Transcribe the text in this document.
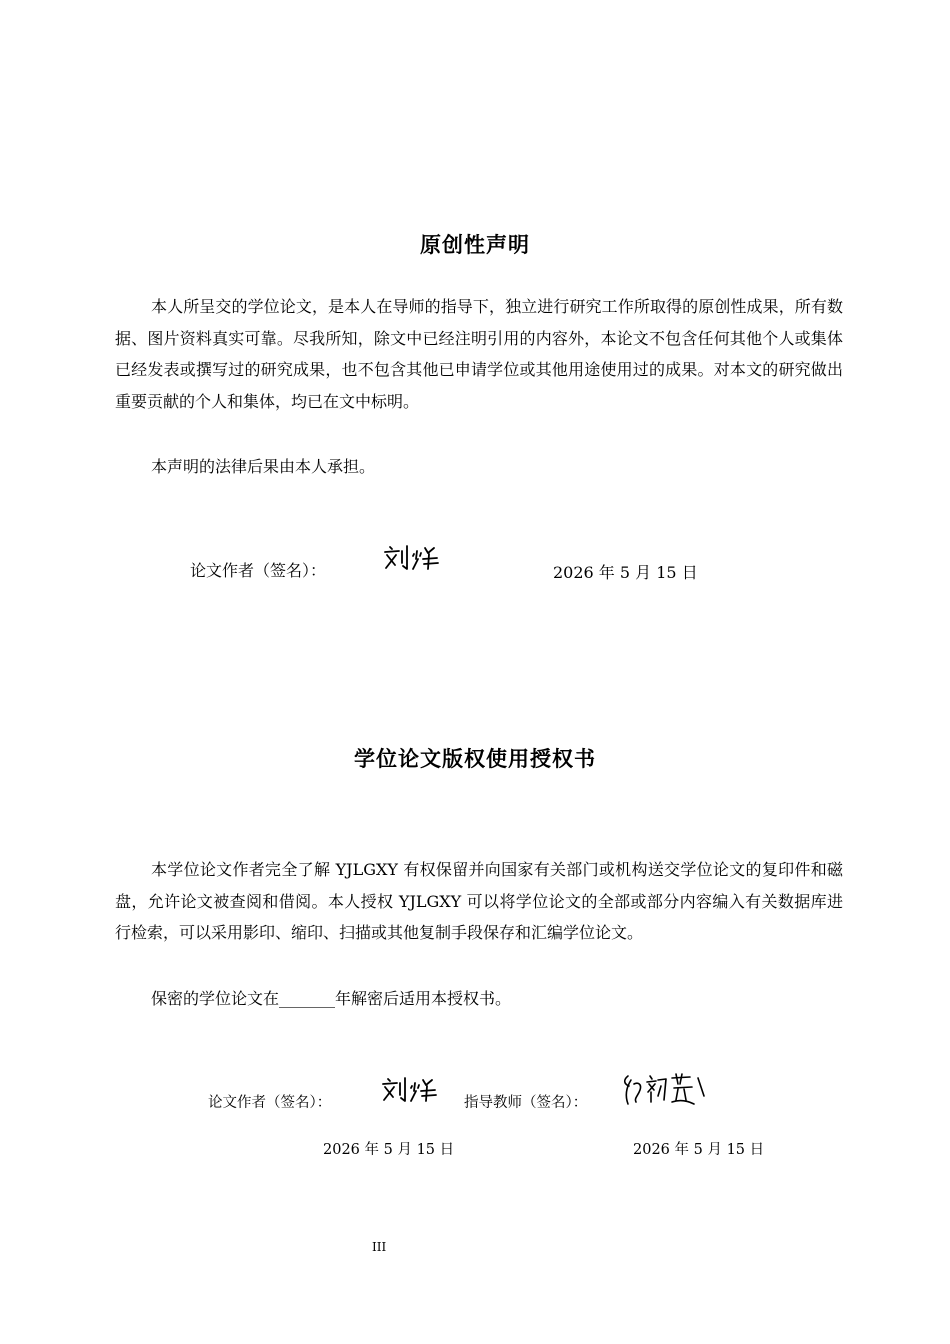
原创性声明

本人所呈交的学位论文，是本人在导师的指导下，独立进行研究工作所取得的原创性成果，所有数据、图片资料真实可靠。尽我所知，除文中已经注明引用的内容外，本论文不包含任何其他个人或集体已经发表或撰写过的研究成果，也不包含其他已申请学位或其他用途使用过的成果。对本文的研究做出重要贡献的个人和集体，均已在文中标明。

本声明的法律后果由本人承担。
论文作者（签名）：	2026 年 5 月 15 日
学位论文版权使用授权书

本学位论文作者完全了解 YJLGXY 有权保留并向国家有关部门或机构送交学位论文的复印件和磁盘，允许论文被查阅和借阅。本人授权 YJLGXY 可以将学位论文的全部或部分内容编入有关数据库进行检索，可以采用影印、缩印、扫描或其他复制手段保存和汇编学位论文。

保密的学位论文在_______年解密后适用本授权书。
论文作者（签名）：	指导教师（签名）：
2026 年 5 月 15 日	2026 年 5 月 15 日
III
